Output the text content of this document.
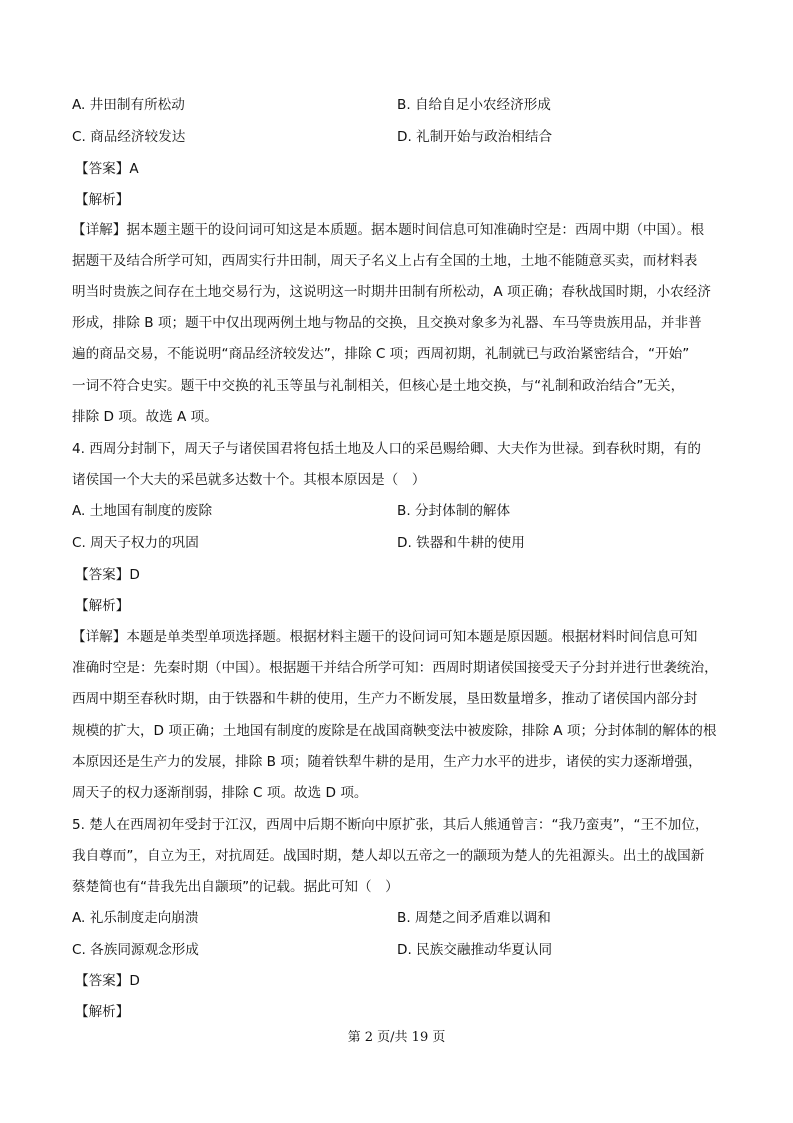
A. 井田制有所松动	B. 自给自足小农经济形成
C. 商品经济较发达	D. 礼制开始与政治相结合
【答案】A
【解析】
【详解】据本题主题干的设问词可知这是本质题。据本题时间信息可知准确时空是：西周中期（中国）。根
据题干及结合所学可知，西周实行井田制，周天子名义上占有全国的土地，土地不能随意买卖，而材料表
明当时贵族之间存在土地交易行为，这说明这一时期井田制有所松动，A 项正确；春秋战国时期，小农经济
形成，排除 B 项；题干中仅出现两例土地与物品的交换，且交换对象多为礼器、车马等贵族用品，并非普
遍的商品交易，不能说明“商品经济较发达”，排除 C 项；西周初期，礼制就已与政治紧密结合，“开始”
一词不符合史实。题干中交换的礼玉等虽与礼制相关，但核心是土地交换，与“礼制和政治结合”无关，
排除 D 项。故选 A 项。
4. 西周分封制下，周天子与诸侯国君将包括土地及人口的采邑赐给卿、大夫作为世禄。到春秋时期，有的
诸侯国一个大夫的采邑就多达数十个。其根本原因是（　）
A. 土地国有制度的废除	B. 分封体制的解体
C. 周天子权力的巩固	D. 铁器和牛耕的使用
【答案】D
【解析】
【详解】本题是单类型单项选择题。根据材料主题干的设问词可知本题是原因题。根据材料时间信息可知
准确时空是：先秦时期（中国）。根据题干并结合所学可知：西周时期诸侯国接受天子分封并进行世袭统治，
西周中期至春秋时期，由于铁器和牛耕的使用，生产力不断发展，垦田数量增多，推动了诸侯国内部分封
规模的扩大，D 项正确；土地国有制度的废除是在战国商鞅变法中被废除，排除 A 项；分封体制的解体的根
本原因还是生产力的发展，排除 B 项；随着铁犁牛耕的是用，生产力水平的进步，诸侯的实力逐渐增强，
周天子的权力逐渐削弱，排除 C 项。故选 D 项。
5. 楚人在西周初年受封于江汉，西周中后期不断向中原扩张，其后人熊通曾言：“我乃蛮夷”，“王不加位，
我自尊而”，自立为王，对抗周廷。战国时期，楚人却以五帝之一的颛顼为楚人的先祖源头。出土的战国新
蔡楚简也有“昔我先出自颛顼”的记载。据此可知（　）
A. 礼乐制度走向崩溃	B. 周楚之间矛盾难以调和
C. 各族同源观念形成	D. 民族交融推动华夏认同
【答案】D
【解析】
第 2 页/共 19 页
